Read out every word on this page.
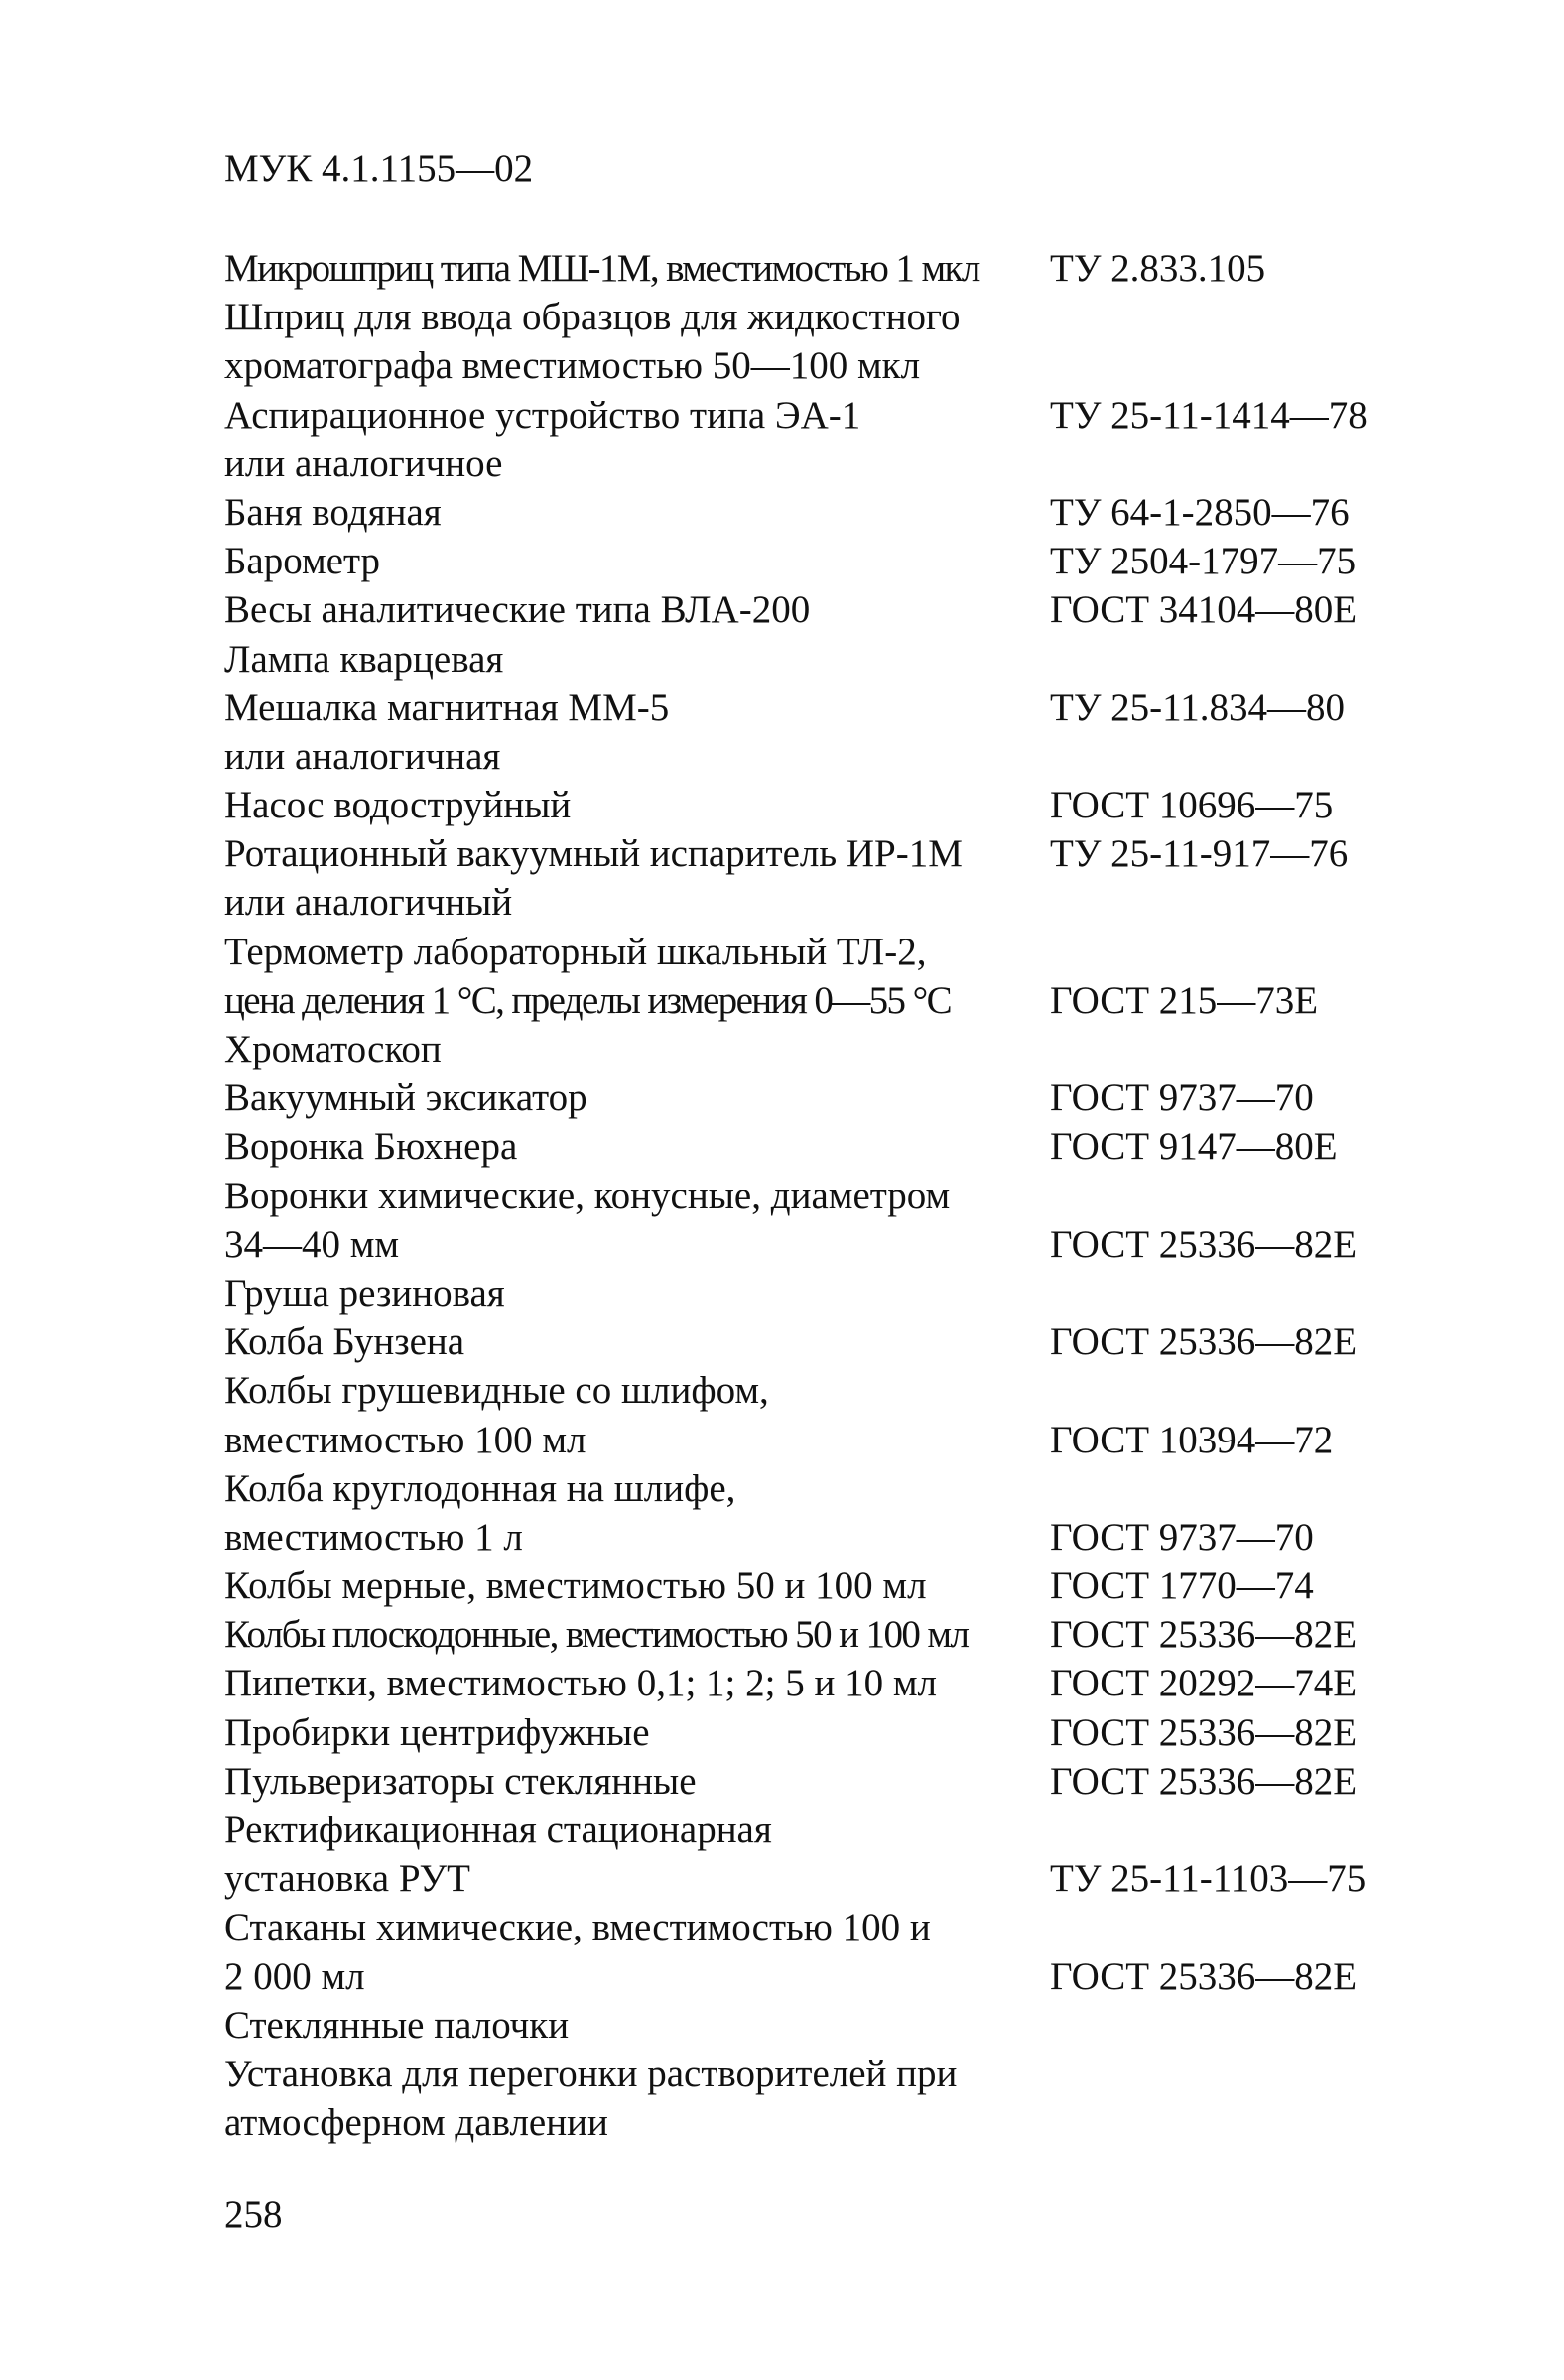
МУК 4.1.1155—02
Микрошприц типа МШ-1М, вместимостью 1 мкл ТУ 2.833.105
Шприц для ввода образцов для жидкостного
хроматографа вместимостью 50—100 мкл
Аспирационное устройство типа ЭА-1	ТУ 25-11-1414—78
или аналогичное
Баня водяная	ТУ 64-1-2850—76
Барометр	ТУ 2504-1797—75
Весы аналитические типа ВЛА-200	ГОСТ 34104—80Е
Лампа кварцевая
Мешалка магнитная ММ-5	ТУ 25-11.834—80
или аналогичная
Насос водоструйный	ГОСТ 10696—75
Ротационный вакуумный испаритель ИР-1М ТУ 25-11-917—76
или аналогичный
Термометр лабораторный шкальный ТЛ-2,
цена деления 1 °С, пределы измерения 0—55 °С	ГОСТ 215—73Е
Хроматоскоп
Вакуумный эксикатор	ГОСТ 9737—70
Воронка Бюхнера	ГОСТ 9147—80Е
Воронки химические, конусные, диаметром
34—40 мм	ГОСТ 25336—82Е
Груша резиновая
Колба Бунзена	ГОСТ 25336—82Е
Колбы грушевидные со шлифом,
вместимостью 100 мл	ГОСТ 10394—72
Колба круглодонная на шлифе,
вместимостью 1 л	ГОСТ 9737—70
Колбы мерные, вместимостью 50 и 100 мл	ГОСТ 1770—74
Колбы плоскодонные, вместимостью 50 и 100 мл ГОСТ 25336—82Е
Пипетки, вместимостью 0,1; 1; 2; 5 и 10 мл	ГОСТ 20292—74Е
Пробирки центрифужные	ГОСТ 25336—82Е
Пульверизаторы стеклянные	ГОСТ 25336—82Е
Ректификационная стационарная
установка РУТ	ТУ 25-11-1103—75
Стаканы химические, вместимостью 100 и
2 000 мл	ГОСТ 25336—82Е
Стеклянные палочки
Установка для перегонки растворителей при
атмосферном давлении
258
